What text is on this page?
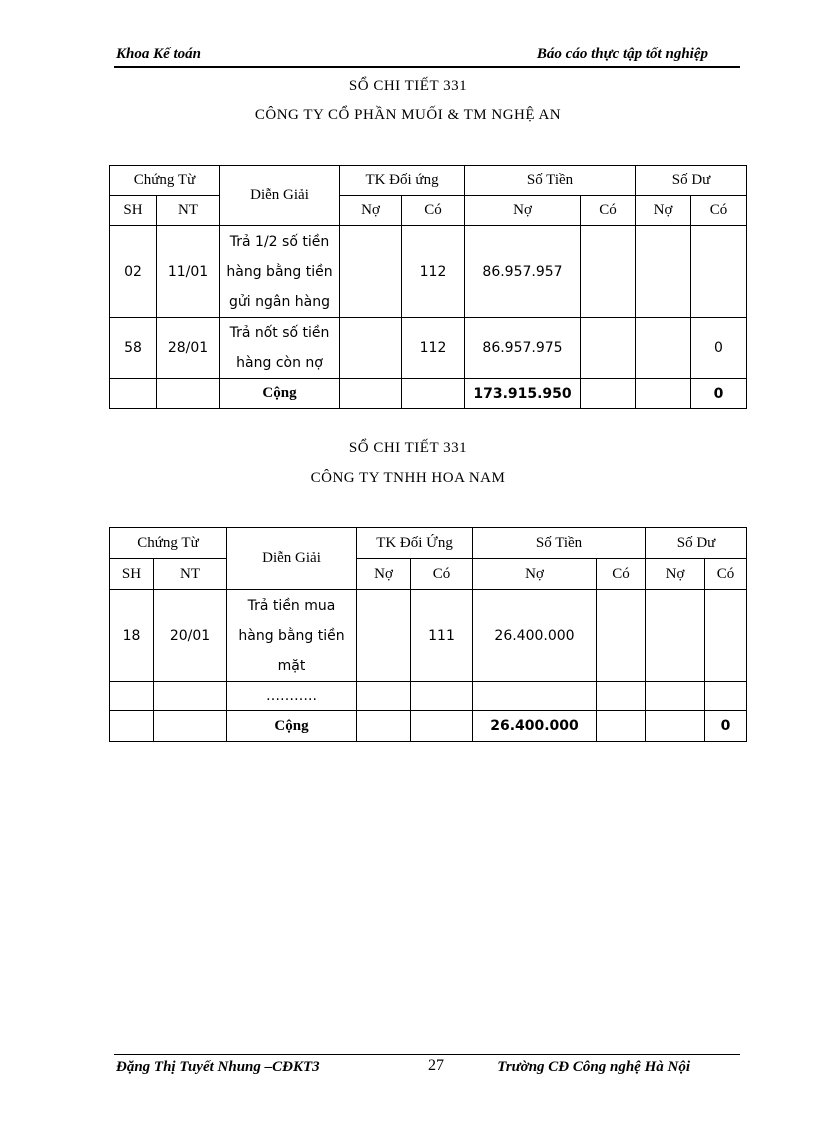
Khoa Kế toán	Báo cáo thực tập tốt nghiệp
SỔ CHI TIẾT 331
CÔNG TY CỔ PHẦN MUỐI & TM NGHỆ AN
Chứng Từ		Diễn Giải	TK Đối ứng		Số Tiền		Số Dư	
SH	NT		Nợ	Có	Nợ	Có	Nợ	Có
02	11/01	Trả 1/2 số tiền
hàng bằng tiền
gửi ngân hàng		112	86.957.957			
58	28/01	Trả nốt số tiền
hàng còn nợ		112	86.957.975			0
		Cộng			173.915.950			0
SỔ CHI TIẾT 331
CÔNG TY TNHH HOA NAM
Chứng Từ		Diễn Giải	TK Đối Ứng		Số Tiền		Số Dư	
SH	NT		Nợ	Có	Nợ	Có	Nợ	Có
18	20/01	Trả tiền mua
hàng bằng tiền
mặt		111	26.400.000			

		………..						

		Cộng			26.400.000			0
Đặng Thị Tuyết Nhung –CĐKT3	27	Trường CĐ Công nghệ Hà Nội
